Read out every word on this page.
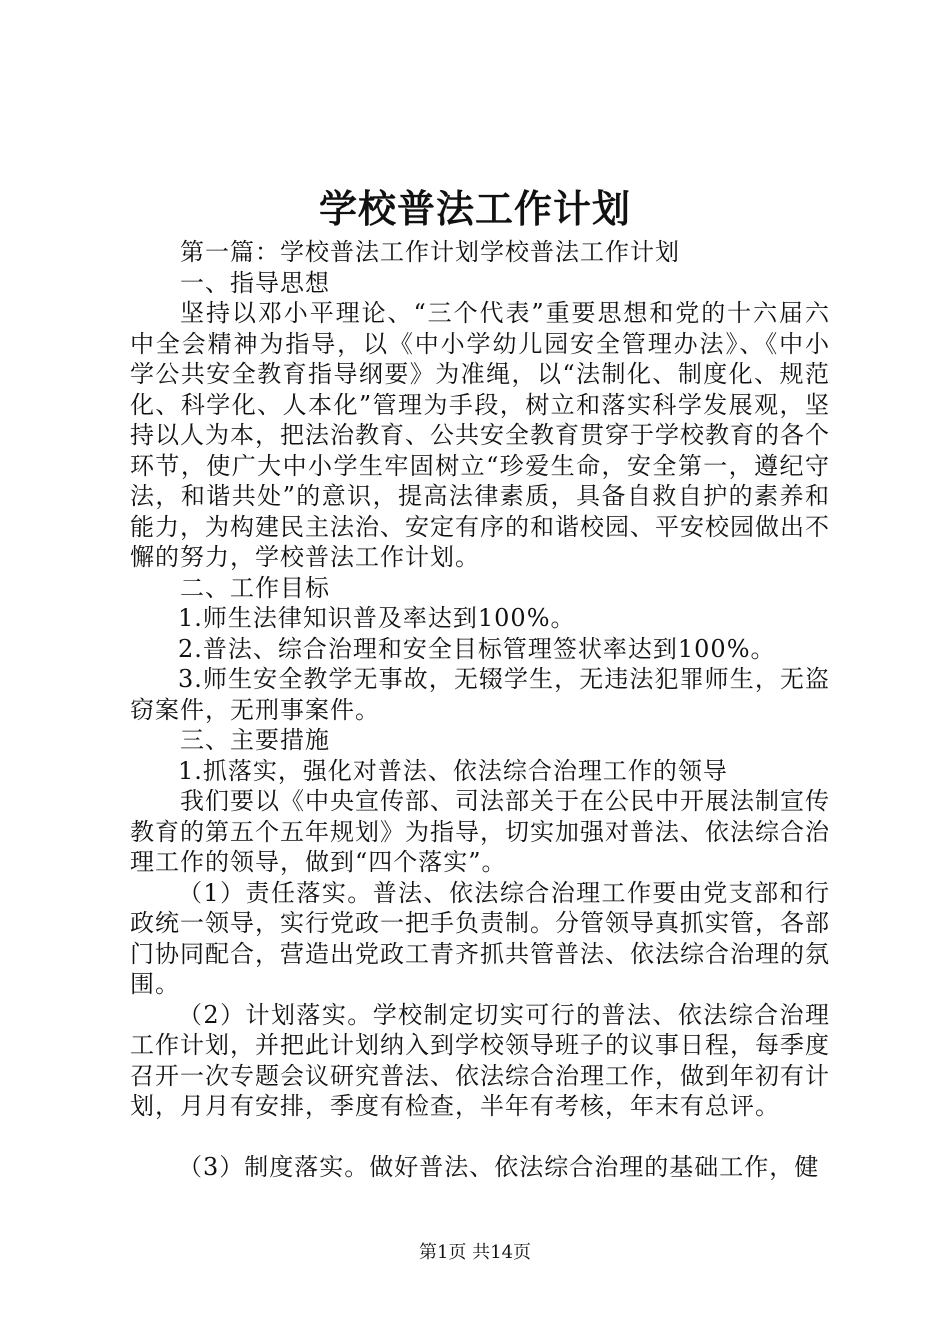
学校普法工作计划

第一篇：学校普法工作计划学校普法工作计划

一、指导思想

坚持以邓小平理论、“三个代表”重要思想和党的十六届六中全会精神为指导，以《中小学幼儿园安全管理办法》、《中小学公共安全教育指导纲要》为准绳，以“法制化、制度化、规范化、科学化、人本化”管理为手段，树立和落实科学发展观，坚持以人为本，把法治教育、公共安全教育贯穿于学校教育的各个环节，使广大中小学生牢固树立“珍爱生命，安全第一，遵纪守法，和谐共处”的意识，提高法律素质，具备自救自护的素养和能力，为构建民主法治、安定有序的和谐校园、平安校园做出不懈的努力，学校普法工作计划。

二、工作目标

1.师生法律知识普及率达到100%。

2.普法、综合治理和安全目标管理签状率达到100%。

3.师生安全教学无事故，无辍学生，无违法犯罪师生，无盗窃案件，无刑事案件。

三、主要措施

1.抓落实，强化对普法、依法综合治理工作的领导

我们要以《中央宣传部、司法部关于在公民中开展法制宣传教育的第五个五年规划》为指导，切实加强对普法、依法综合治理工作的领导，做到“四个落实”。

（1）责任落实。普法、依法综合治理工作要由党支部和行政统一领导，实行党政一把手负责制。分管领导真抓实管，各部门协同配合，营造出党政工青齐抓共管普法、依法综合治理的氛围。

（2）计划落实。学校制定切实可行的普法、依法综合治理工作计划，并把此计划纳入到学校领导班子的议事日程，每季度召开一次专题会议研究普法、依法综合治理工作，做到年初有计划，月月有安排，季度有检查，半年有考核，年末有总评。

（3）制度落实。做好普法、依法综合治理的基础工作，健

第1页 共14页
